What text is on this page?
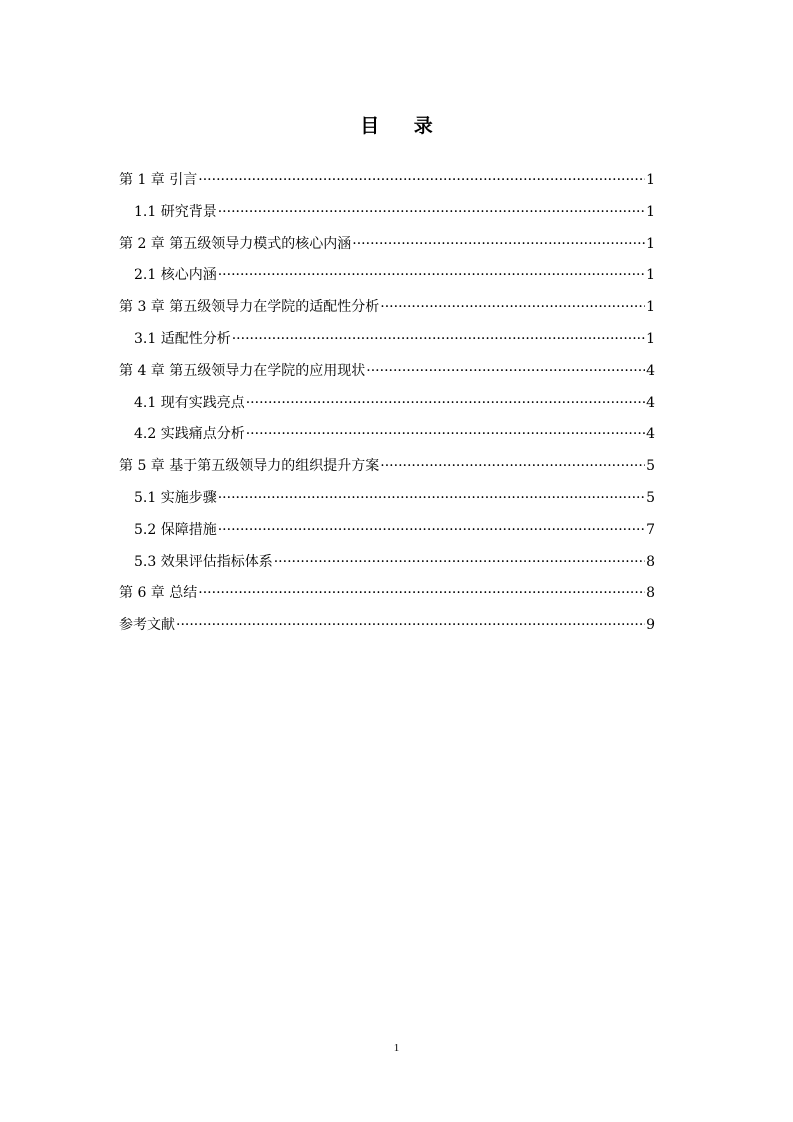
目 录
第 1 章 引言 ·····	1
1.1 研究背景 ·····	1
第 2 章 第五级领导力模式的核心内涵 ·····	1
2.1 核心内涵 ·····	1
第 3 章 第五级领导力在学院的适配性分析 ·····	1
3.1 适配性分析 ·····	1
第 4 章 第五级领导力在学院的应用现状 ·····	4
4.1 现有实践亮点 ·····	4
4.2 实践痛点分析 ·····	4
第 5 章 基于第五级领导力的组织提升方案 ·····	5
5.1 实施步骤 ·····	5
5.2 保障措施 ·····	7
5.3 效果评估指标体系 ·····	8
第 6 章 总结 ·····	8
参考文献 ·····	9
1
